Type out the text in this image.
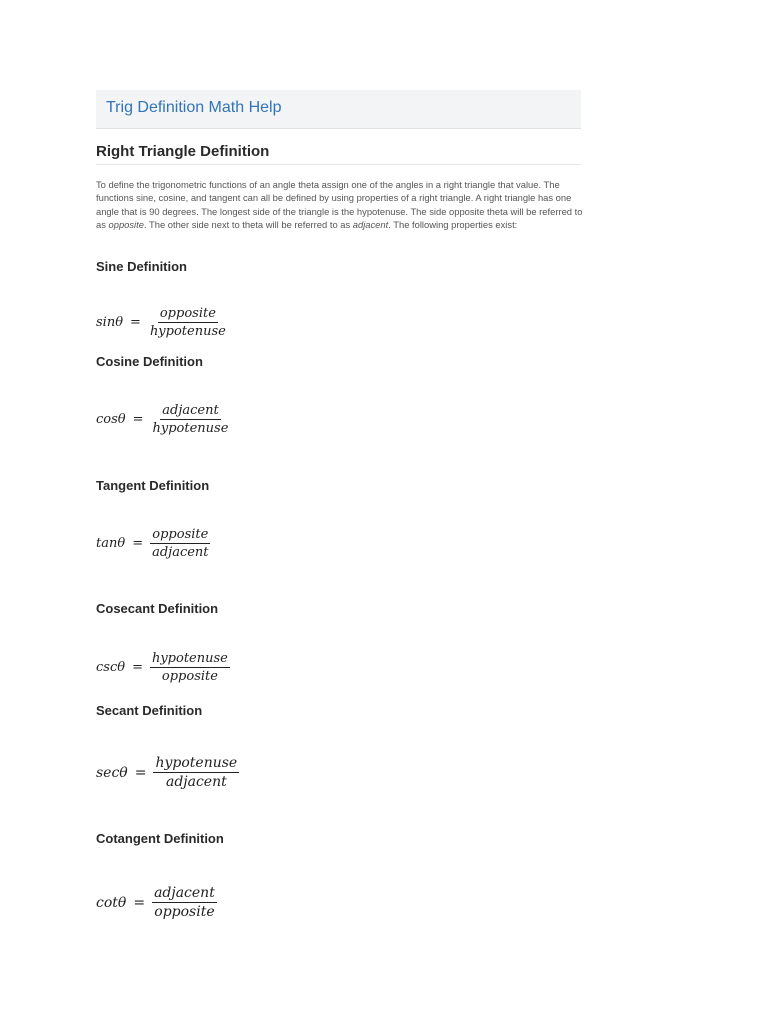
Trig Definition Math Help
Right Triangle Definition

To define the trigonometric functions of an angle theta assign one of the angles in a right triangle that value. The functions sine, cosine, and tangent can all be defined by using properties of a right triangle. A right triangle has one angle that is 90 degrees. The longest side of the triangle is the hypotenuse. The side opposite theta will be referred to as opposite. The other side next to theta will be referred to as adjacent. The following properties exist:

Sine Definition
$\sin\theta = \frac{\text{opposite}}{\text{hypotenuse}}$
Cosine Definition
$\cos\theta = \frac{\text{adjacent}}{\text{hypotenuse}}$
Tangent Definition
$\tan\theta = \frac{\text{opposite}}{\text{adjacent}}$
Cosecant Definition
$\csc\theta = \frac{\text{hypotenuse}}{\text{opposite}}$
Secant Definition
$\sec\theta = \frac{\text{hypotenuse}}{\text{adjacent}}$
Cotangent Definition
$\cot\theta = \frac{\text{adjacent}}{\text{opposite}}$
